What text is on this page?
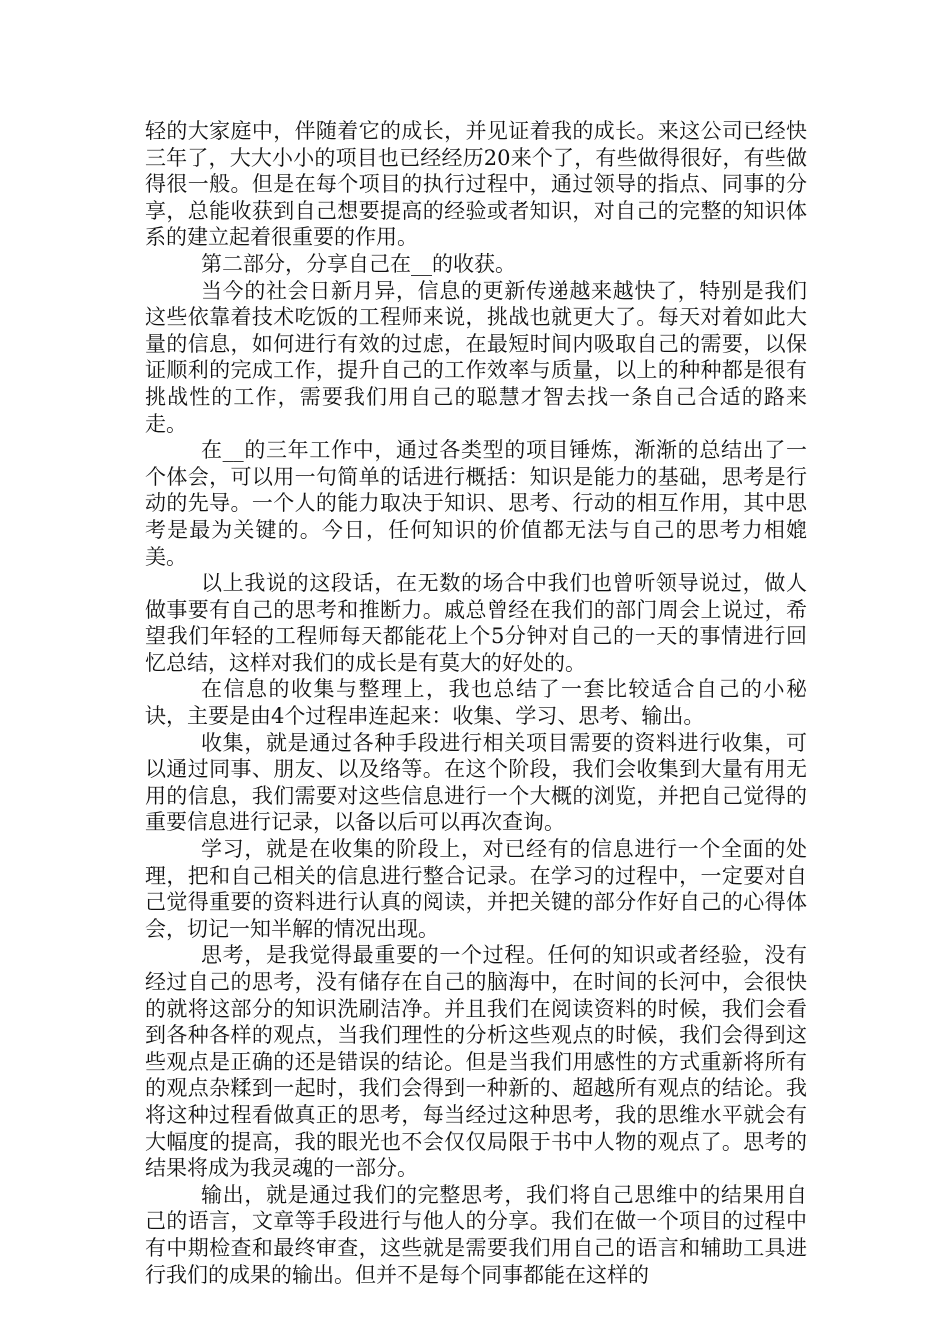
轻的大家庭中，伴随着它的成长，并见证着我的成长。来这公司已经快三年了，大大小小的项目也已经经历20来个了，有些做得很好，有些做得很一般。但是在每个项目的执行过程中，通过领导的指点、同事的分享，总能收获到自己想要提高的经验或者知识，对自己的完整的知识体系的建立起着很重要的作用。

第二部分，分享自己在__的收获。

当今的社会日新月异，信息的更新传递越来越快了，特别是我们这些依靠着技术吃饭的工程师来说，挑战也就更大了。每天对着如此大量的信息，如何进行有效的过虑，在最短时间内吸取自己的需要，以保证顺利的完成工作，提升自己的工作效率与质量，以上的种种都是很有挑战性的工作，需要我们用自己的聪慧才智去找一条自己合适的路来走。

在__的三年工作中，通过各类型的项目锤炼，渐渐的总结出了一个体会，可以用一句简单的话进行概括：知识是能力的基础，思考是行动的先导。一个人的能力取决于知识、思考、行动的相互作用，其中思考是最为关键的。今日，任何知识的价值都无法与自己的思考力相媲美。

以上我说的这段话，在无数的场合中我们也曾听领导说过，做人做事要有自己的思考和推断力。戚总曾经在我们的部门周会上说过，希望我们年轻的工程师每天都能花上个5分钟对自己的一天的事情进行回忆总结，这样对我们的成长是有莫大的好处的。

在信息的收集与整理上，我也总结了一套比较适合自己的小秘诀，主要是由4个过程串连起来：收集、学习、思考、输出。

收集，就是通过各种手段进行相关项目需要的资料进行收集，可以通过同事、朋友、以及络等。在这个阶段，我们会收集到大量有用无用的信息，我们需要对这些信息进行一个大概的浏览，并把自己觉得的重要信息进行记录，以备以后可以再次查询。

学习，就是在收集的阶段上，对已经有的信息进行一个全面的处理，把和自己相关的信息进行整合记录。在学习的过程中，一定要对自己觉得重要的资料进行认真的阅读，并把关键的部分作好自己的心得体会，切记一知半解的情况出现。

思考，是我觉得最重要的一个过程。任何的知识或者经验，没有经过自己的思考，没有储存在自己的脑海中，在时间的长河中，会很快的就将这部分的知识洗刷洁净。并且我们在阅读资料的时候，我们会看到各种各样的观点，当我们理性的分析这些观点的时候，我们会得到这些观点是正确的还是错误的结论。但是当我们用感性的方式重新将所有的观点杂糅到一起时，我们会得到一种新的、超越所有观点的结论。我将这种过程看做真正的思考，每当经过这种思考，我的思维水平就会有大幅度的提高，我的眼光也不会仅仅局限于书中人物的观点了。思考的结果将成为我灵魂的一部分。

输出，就是通过我们的完整思考，我们将自己思维中的结果用自己的语言，文章等手段进行与他人的分享。我们在做一个项目的过程中有中期检查和最终审查，这些就是需要我们用自己的语言和辅助工具进行我们的成果的输出。但并不是每个同事都能在这样的
